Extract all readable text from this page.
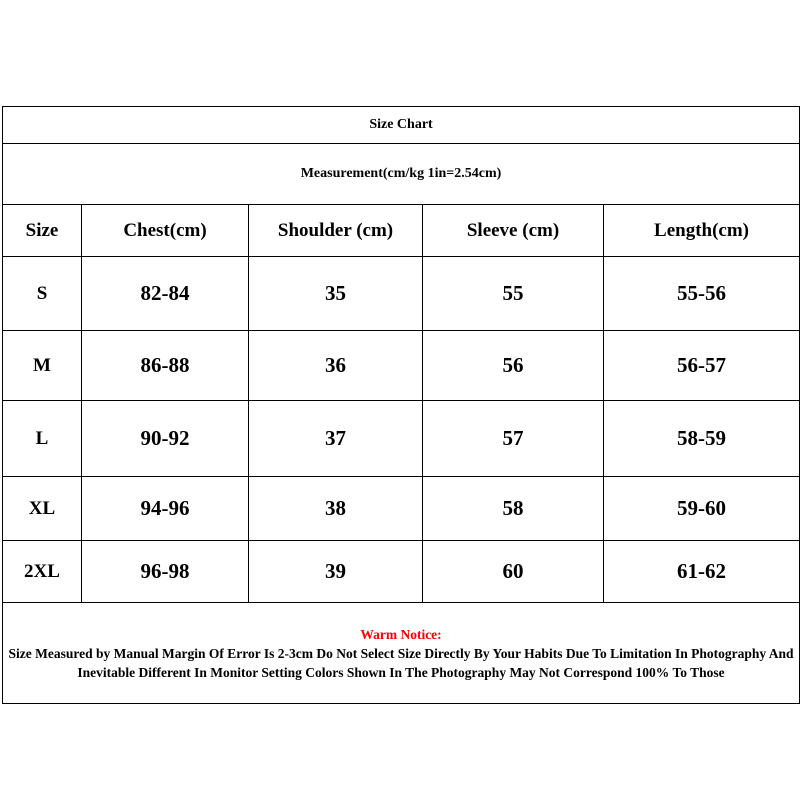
Size Chart				
Measurement(cm/kg 1in=2.54cm)				
Size	Chest(cm)	Shoulder (cm)	Sleeve (cm)	Length(cm)
S	82-84	35	55	55-56
M	86-88	36	56	56-57
L	90-92	37	57	58-59
XL	94-96	38	58	59-60
2XL	96-98	39	60	61-62

Warm Notice:
Size Measured by Manual Margin Of Error Is 2-3cm Do Not Select Size Directly By Your Habits Due To Limitation In Photography And Inevitable Different In Monitor Setting Colors Shown In The Photography May Not Correspond 100% To Those				
